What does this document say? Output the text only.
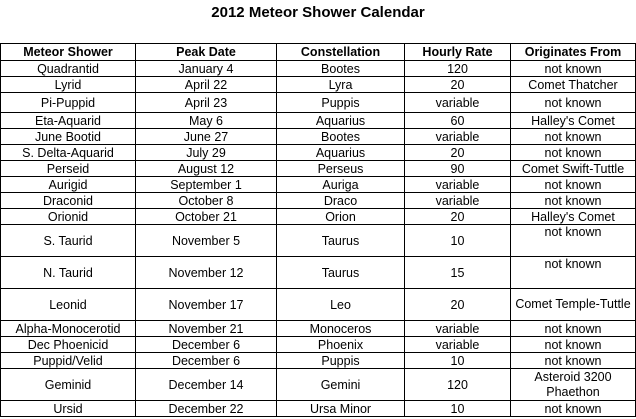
2012 Meteor Shower Calendar
Meteor Shower	Peak Date	Constellation	Hourly Rate	Originates From
Quadrantid	January 4	Bootes	120	not known
Lyrid	April 22	Lyra	20	Comet Thatcher
Pi-Puppid	April 23	Puppis	variable	not known
Eta-Aquarid	May 6	Aquarius	60	Halley's Comet
June Bootid	June 27	Bootes	variable	not known
S. Delta-Aquarid	July 29	Aquarius	20	not known
Perseid	August 12	Perseus	90	Comet Swift-Tuttle
Aurigid	September 1	Auriga	variable	not known
Draconid	October 8	Draco	variable	not known
Orionid	October 21	Orion	20	Halley's Comet
S. Taurid	November 5	Taurus	10	not known
N. Taurid	November 12	Taurus	15	not known
Leonid	November 17	Leo	20	Comet Temple-Tuttle
Alpha-Monocerotid	November 21	Monoceros	variable	not known
Dec Phoenicid	December 6	Phoenix	variable	not known
Puppid/Velid	December 6	Puppis	10	not known
Geminid	December 14	Gemini	120	Asteroid 3200 Phaethon
Ursid	December 22	Ursa Minor	10	not known
